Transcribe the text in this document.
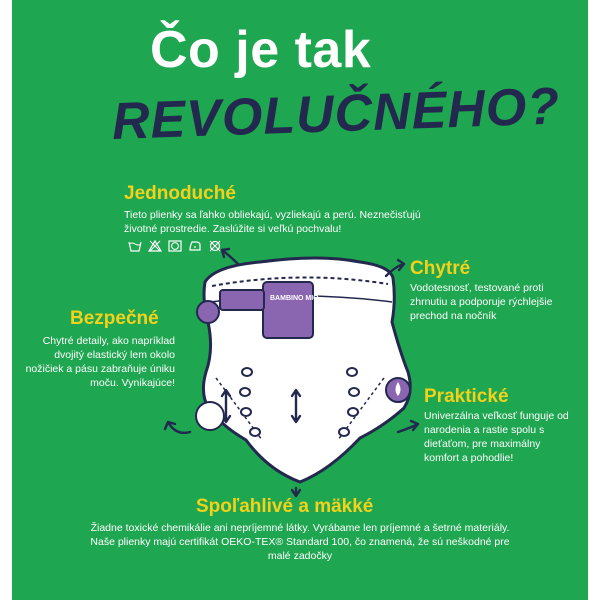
Čo je tak
REVOLUČNÉHO?
Jednoduché
Tieto plienky sa ľahko obliekajú, vyzliekajú a perú. Neznečisťujú životné prostredie. Zaslúžite si veľkú pochvalu!
Chytré
Vodotesnosť, testované proti zhrnutiu a podporuje rýchlejšie prechod na nočník
Bezpečné
Chytré detaily, ako napríklad dvojitý elastický lem okolo nožičiek a pásu zabraňuje úniku moču. Vynikajúce!
Praktické
Univerzálna veľkosť funguje od narodenia a rastie spolu s dieťaťom, pre maximálny komfort a pohodlie!
Spoľahlivé a mäkké
Žiadne toxické chemikálie ani nepríjemné látky. Vyrábame len príjemné a šetrné materiály. Naše plienky majú certifikát OEKO-TEX® Standard 100, čo znamená, že sú neškodné pre malé zadočky
BAMBINO MIO
